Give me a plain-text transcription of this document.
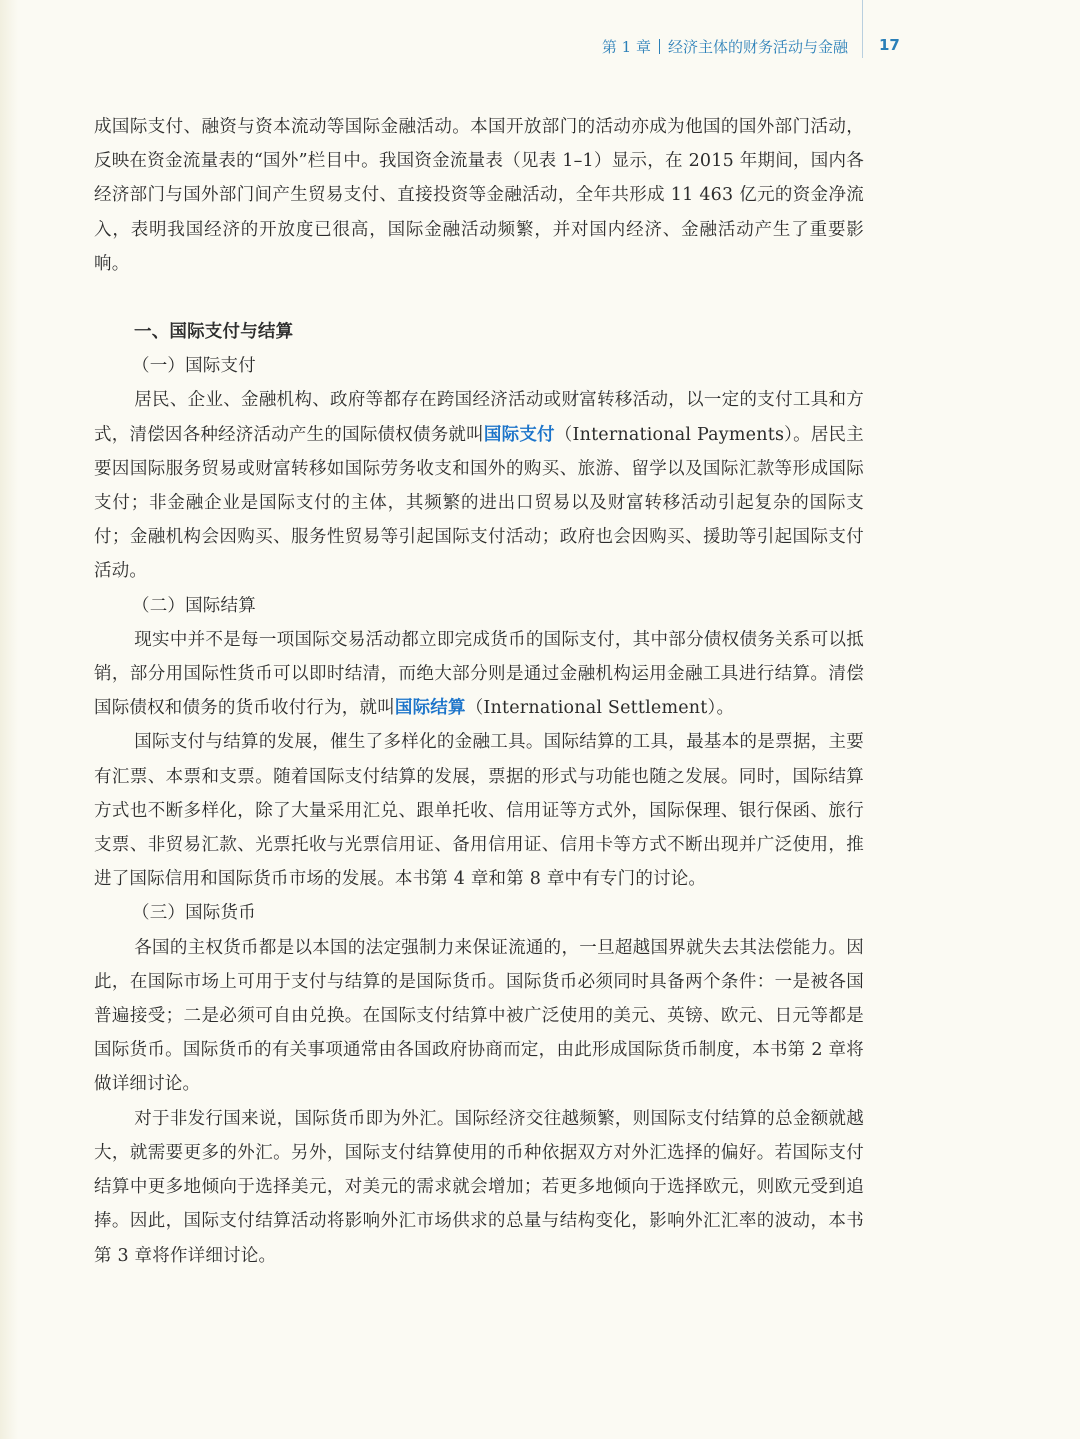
第 1 章 经济主体的财务活动与金融 17

成国际支付、融资与资本流动等国际金融活动。本国开放部门的活动亦成为他国的国外部门活动，反映在资金流量表的“国外”栏目中。我国资金流量表（见表 1–1）显示，在 2015 年期间，国内各经济部门与国外部门间产生贸易支付、直接投资等金融活动，全年共形成 11 463 亿元的资金净流入，表明我国经济的开放度已很高，国际金融活动频繁，并对国内经济、金融活动产生了重要影响。

一、国际支付与结算

（一）国际支付

居民、企业、金融机构、政府等都存在跨国经济活动或财富转移活动，以一定的支付工具和方式，清偿因各种经济活动产生的国际债权债务就叫国际支付（International Payments）。居民主要因国际服务贸易或财富转移如国际劳务收支和国外的购买、旅游、留学以及国际汇款等形成国际支付；非金融企业是国际支付的主体，其频繁的进出口贸易以及财富转移活动引起复杂的国际支付；金融机构会因购买、服务性贸易等引起国际支付活动；政府也会因购买、援助等引起国际支付活动。

（二）国际结算

现实中并不是每一项国际交易活动都立即完成货币的国际支付，其中部分债权债务关系可以抵销，部分用国际性货币可以即时结清，而绝大部分则是通过金融机构运用金融工具进行结算。清偿国际债权和债务的货币收付行为，就叫国际结算（International Settlement）。

国际支付与结算的发展，催生了多样化的金融工具。国际结算的工具，最基本的是票据，主要有汇票、本票和支票。随着国际支付结算的发展，票据的形式与功能也随之发展。同时，国际结算方式也不断多样化，除了大量采用汇兑、跟单托收、信用证等方式外，国际保理、银行保函、旅行支票、非贸易汇款、光票托收与光票信用证、备用信用证、信用卡等方式不断出现并广泛使用，推进了国际信用和国际货币市场的发展。本书第 4 章和第 8 章中有专门的讨论。

（三）国际货币

各国的主权货币都是以本国的法定强制力来保证流通的，一旦超越国界就失去其法偿能力。因此，在国际市场上可用于支付与结算的是国际货币。国际货币必须同时具备两个条件：一是被各国普遍接受；二是必须可自由兑换。在国际支付结算中被广泛使用的美元、英镑、欧元、日元等都是国际货币。国际货币的有关事项通常由各国政府协商而定，由此形成国际货币制度，本书第 2 章将做详细讨论。

对于非发行国来说，国际货币即为外汇。国际经济交往越频繁，则国际支付结算的总金额就越大，就需要更多的外汇。另外，国际支付结算使用的币种依据双方对外汇选择的偏好。若国际支付结算中更多地倾向于选择美元，对美元的需求就会增加；若更多地倾向于选择欧元，则欧元受到追捧。因此，国际支付结算活动将影响外汇市场供求的总量与结构变化，影响外汇汇率的波动，本书第 3 章将作详细讨论。
